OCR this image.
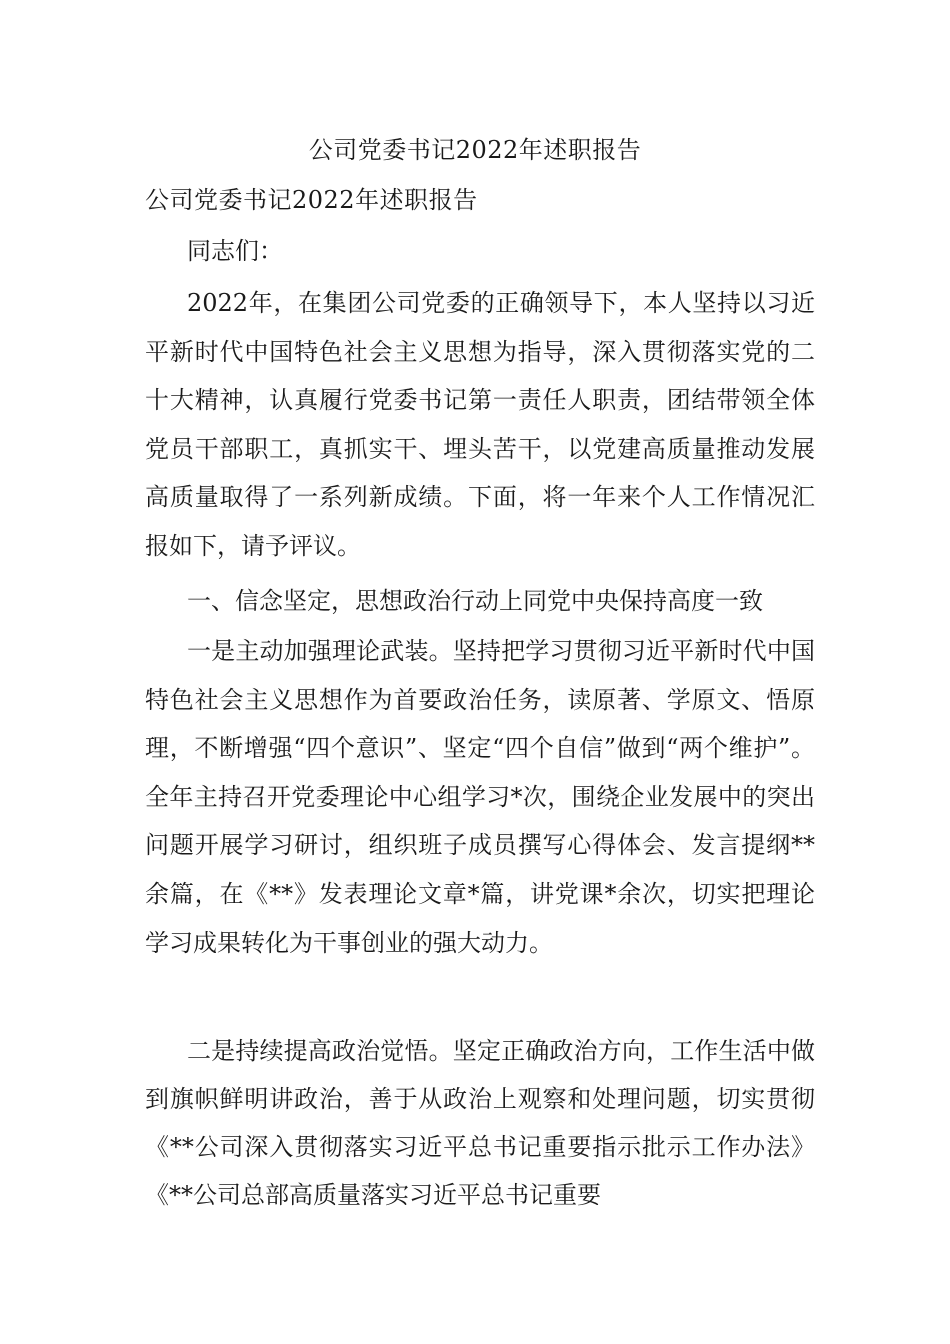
公司党委书记2022年述职报告

公司党委书记2022年述职报告

同志们：

2022年，在集团公司党委的正确领导下，本人坚持以习近平新时代中国特色社会主义思想为指导，深入贯彻落实党的二十大精神，认真履行党委书记第一责任人职责，团结带领全体党员干部职工，真抓实干、埋头苦干，以党建高质量推动发展高质量取得了一系列新成绩。下面，将一年来个人工作情况汇报如下，请予评议。

一、信念坚定，思想政治行动上同党中央保持高度一致

一是主动加强理论武装。坚持把学习贯彻习近平新时代中国特色社会主义思想作为首要政治任务，读原著、学原文、悟原理，不断增强“四个意识”、坚定“四个自信”做到“两个维护”。全年主持召开党委理论中心组学习*次，围绕企业发展中的突出问题开展学习研讨，组织班子成员撰写心得体会、发言提纲**余篇，在《**》发表理论文章*篇，讲党课*余次，切实把理论学习成果转化为干事创业的强大动力。

二是持续提高政治觉悟。坚定正确政治方向，工作生活中做到旗帜鲜明讲政治，善于从政治上观察和处理问题，切实贯彻《**公司深入贯彻落实习近平总书记重要指示批示工作办法》《**公司总部高质量落实习近平总书记重要
